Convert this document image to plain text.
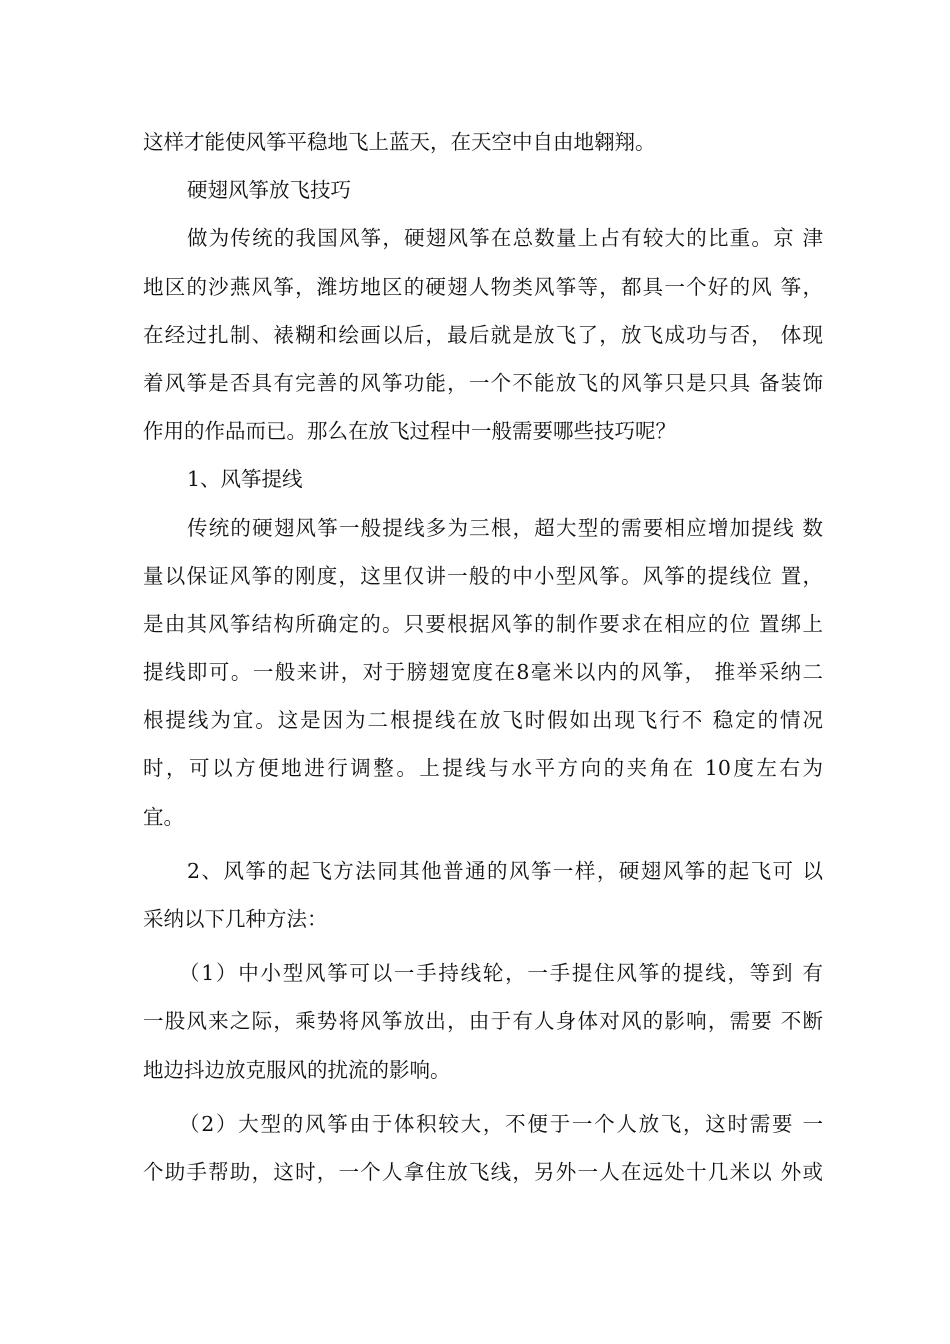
这样才能使风筝平稳地飞上蓝天，在天空中自由地翱翔。
硬翅风筝放飞技巧
做为传统的我国风筝，硬翅风筝在总数量上占有较大的比重。京 津
地区的沙燕风筝，潍坊地区的硬翅人物类风筝等，都具一个好的风 筝，
在经过扎制、裱糊和绘画以后，最后就是放飞了，放飞成功与否， 体现
着风筝是否具有完善的风筝功能，一个不能放飞的风筝只是只具 备装饰
作用的作品而已。那么在放飞过程中一般需要哪些技巧呢？
1、风筝提线
传统的硬翅风筝一般提线多为三根，超大型的需要相应增加提线 数
量以保证风筝的刚度，这里仅讲一般的中小型风筝。风筝的提线位 置，
是由其风筝结构所确定的。只要根据风筝的制作要求在相应的位 置绑上
提线即可。一般来讲，对于膀翅宽度在8毫米以内的风筝， 推举采纳二
根提线为宜。这是因为二根提线在放飞时假如出现飞行不 稳定的情况
时，可以方便地进行调整。上提线与水平方向的夹角在 10度左右为
宜。
2、风筝的起飞方法同其他普通的风筝一样，硬翅风筝的起飞可 以
采纳以下几种方法：
（1）中小型风筝可以一手持线轮，一手提住风筝的提线，等到 有
一股风来之际，乘势将风筝放出，由于有人身体对风的影响，需要 不断
地边抖边放克服风的扰流的影响。
（2）大型的风筝由于体积较大，不便于一个人放飞，这时需要 一
个助手帮助，这时，一个人拿住放飞线，另外一人在远处十几米以 外或
